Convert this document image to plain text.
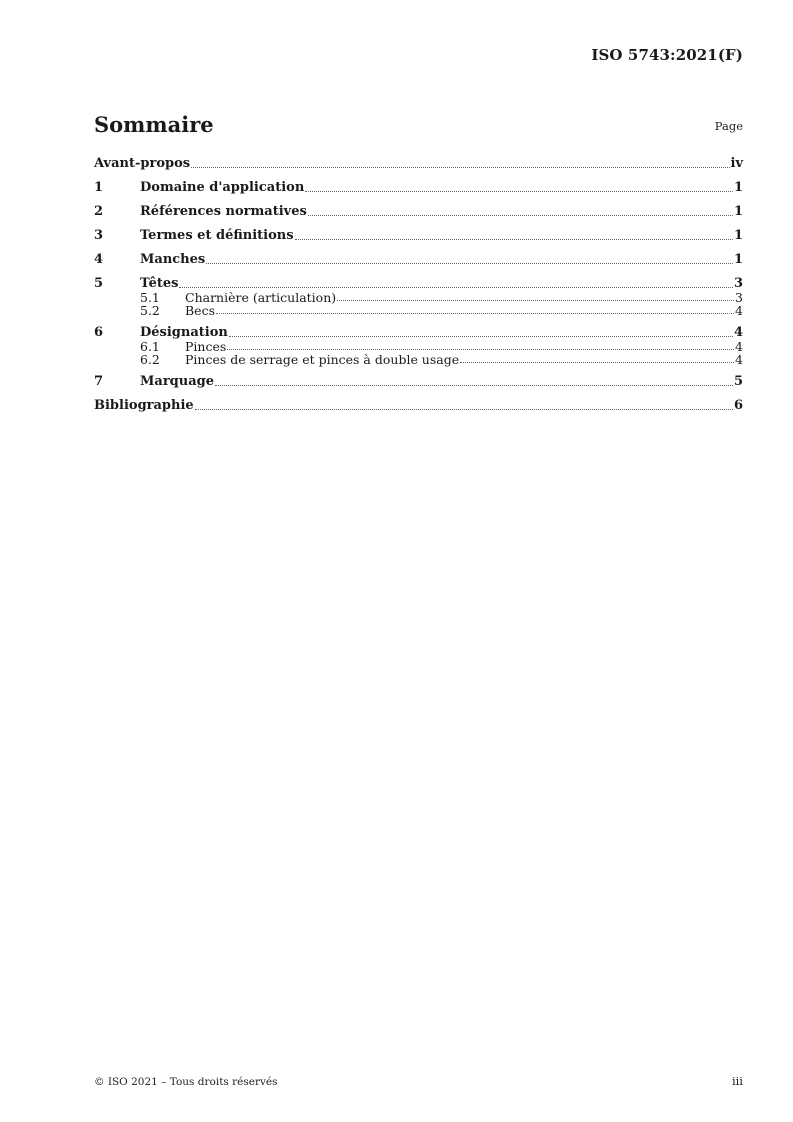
ISO 5743:2021(F)
Sommaire	Page
Avant-propos	iv
1	Domaine d'application	1
2	Références normatives	1
3	Termes et définitions	1
4	Manches	1
5	Têtes	3
5.1	Charnière (articulation)	3
5.2	Becs	4
6	Désignation	4
6.1	Pinces	4
6.2	Pinces de serrage et pinces à double usage	4
7	Marquage	5
Bibliographie	6
© ISO 2021 – Tous droits réservés	iii
